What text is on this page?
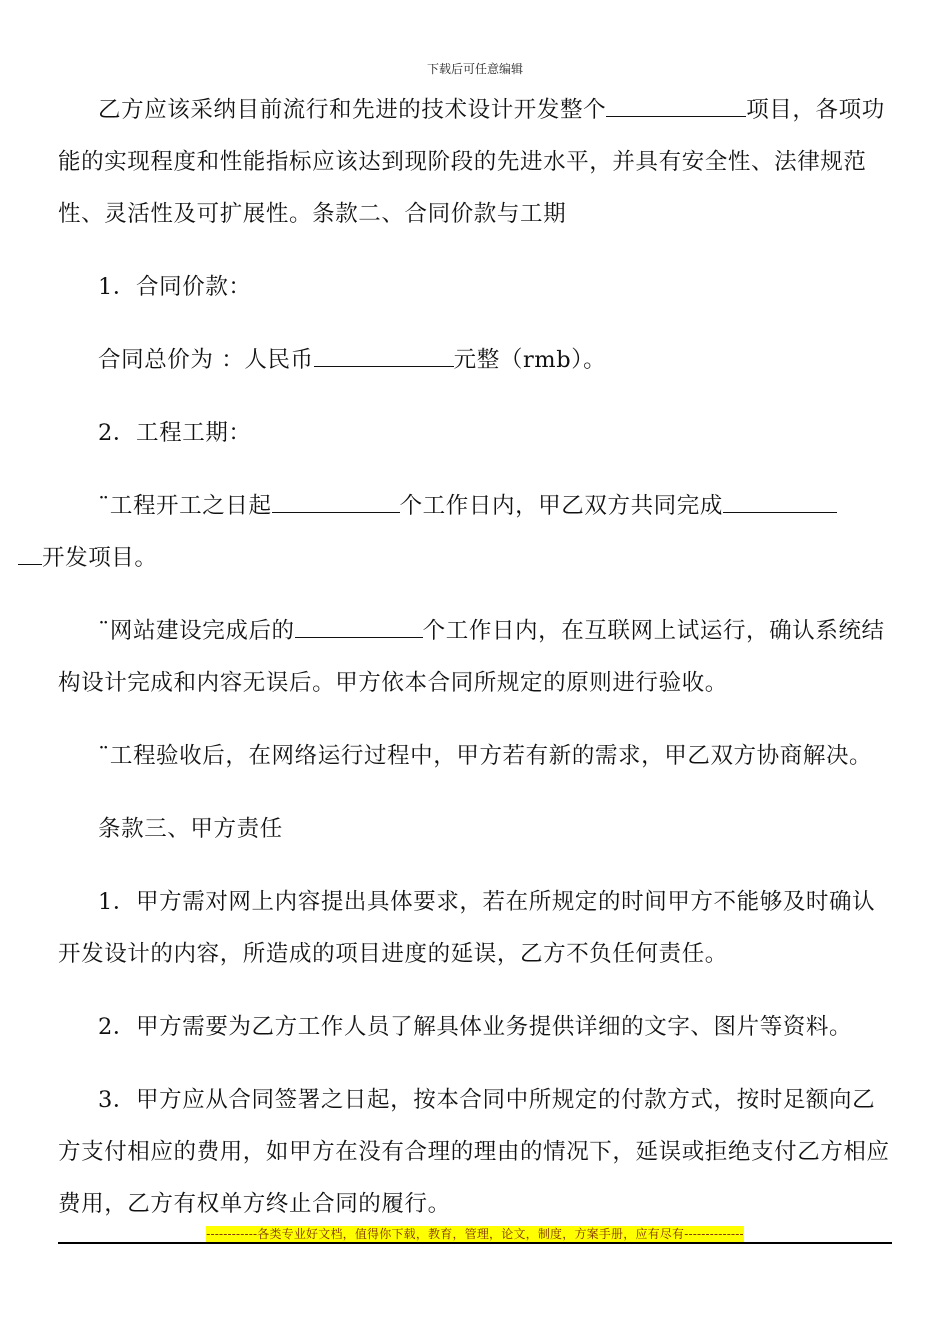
下载后可任意编辑

乙方应该采纳目前流行和先进的技术设计开发整个	项目，各项功能的实现程度和性能指标应该达到现阶段的先进水平，并具有安全性、法律规范性、灵活性及可扩展性。条款二、合同价款与工期

1．合同价款：

合同总价为 ：人民币	元整（rmb）。

2．工程工期：

¨工程开工之日起	个工作日内，甲乙双方共同完成
开发项目。

¨网站建设完成后的	个工作日内，在互联网上试运行，确认系统结构设计完成和内容无误后。甲方依本合同所规定的原则进行验收。

¨工程验收后，在网络运行过程中，甲方若有新的需求，甲乙双方协商解决。

条款三、甲方责任

1．甲方需对网上内容提出具体要求，若在所规定的时间甲方不能够及时确认开发设计的内容，所造成的项目进度的延误，乙方不负任何责任。

2．甲方需要为乙方工作人员了解具体业务提供详细的文字、图片等资料。

3．甲方应从合同签署之日起，按本合同中所规定的付款方式，按时足额向乙方支付相应的费用，如甲方在没有合理的理由的情况下，延误或拒绝支付乙方相应费用，乙方有权单方终止合同的履行。

------------各类专业好文档，值得你下载，教育，管理，论文，制度，方案手册，应有尽有--------------
